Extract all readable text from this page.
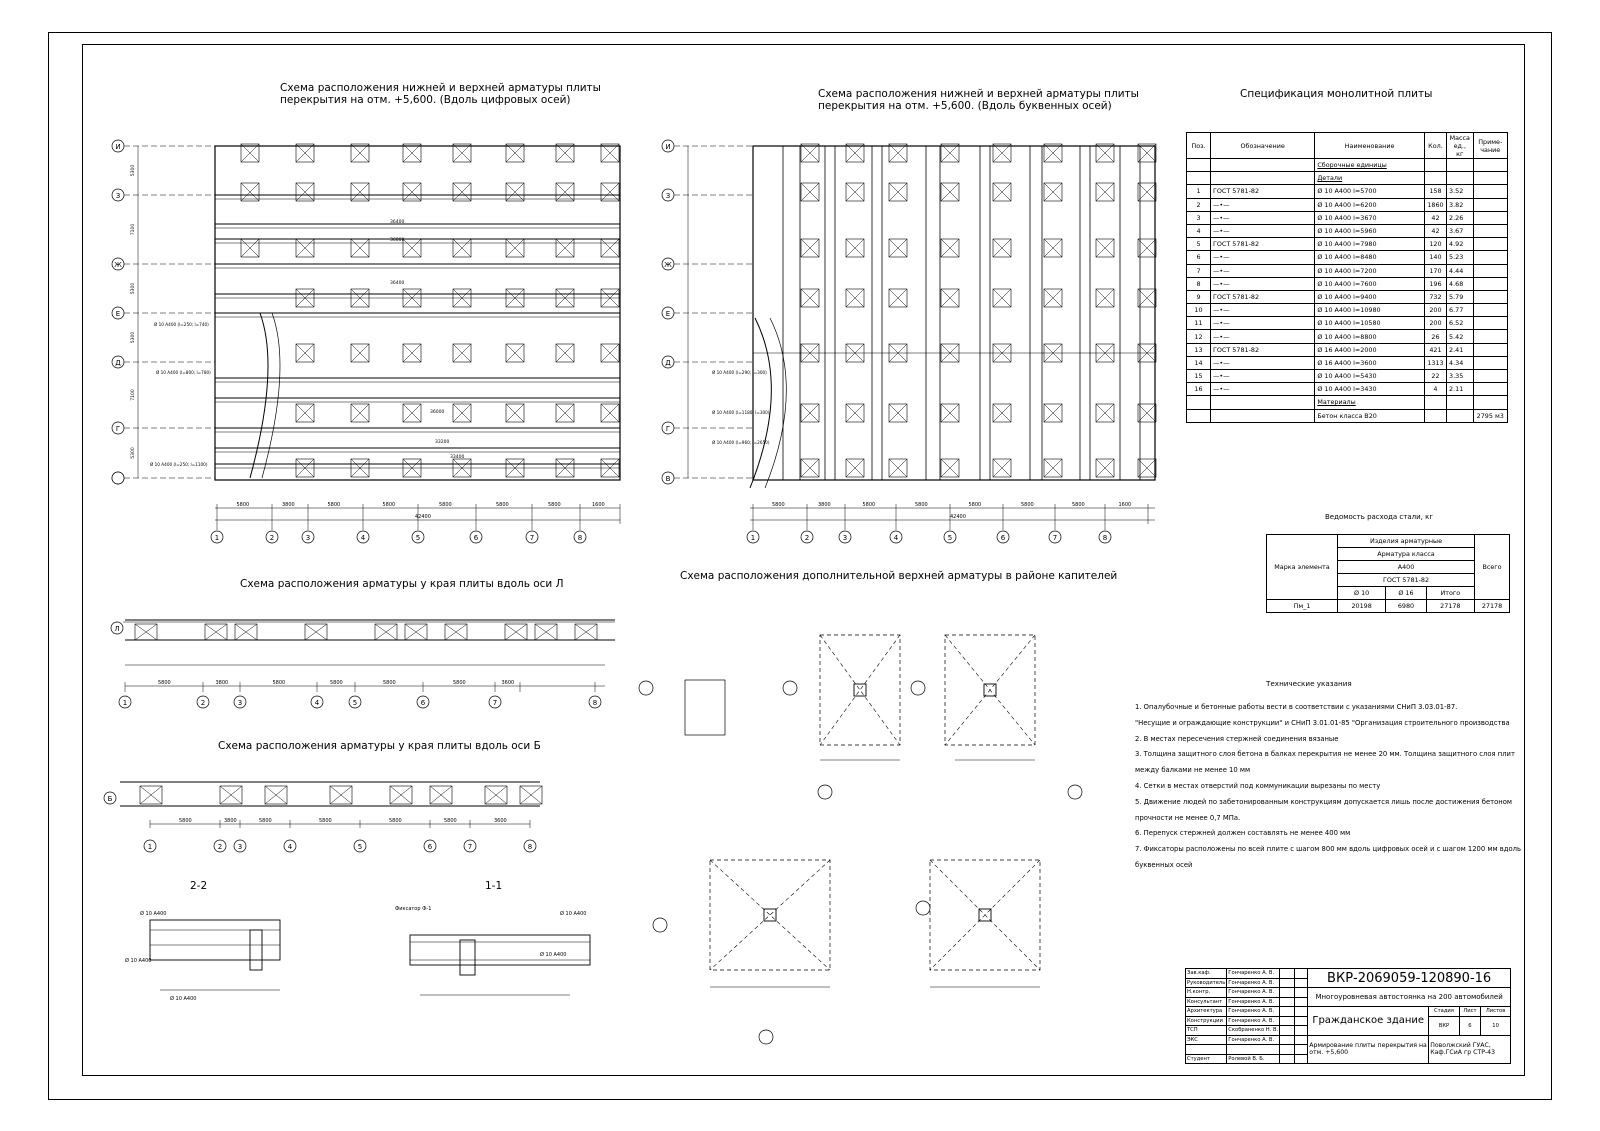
Схема расположения нижней и верхней арматуры плиты
перекрытия на отм. +5,600. (Вдоль цифровых осей)
И
З
Ж
Е
Д
Г
5800	3800	5800	5800	5800	5800	5800	1600
42400
1	2	3	4	5	6	7	8
Ø 10 А400 (l=250; l=740)
Ø 10 А400 (l=800; l=780)
Ø 10 А400 (l=250; l=1100)
36400
36400
36000
36000
33200
33400
5300
7100
5300
5300
7100
5300
Схема расположения нижней и верхней арматуры плиты
перекрытия на отм. +5,600. (Вдоль буквенных осей)
И
З
Ж
Е
Д
Г
В
5800	3800	5800	5800	5800	5800	5800	1600
42400
1	2	3	4	5	6	7	8
Ø 10 А400 (l=290; l=300)
Ø 10 А400 (l=1180; l=300)
Ø 10 А400 (l=960; l=2650)
Схема расположения арматуры у края плиты вдоль оси Л
Л
5800	3800	5800	5800	5800	5800	3600
1	2	3	4	5	6	7	8
Схема расположения арматуры у края плиты вдоль оси Б
Б
5800	3800	5800	5800	5800	5800	3600
1	2 3	4	5	6	7	8
2-2	1-1
Ø 10 А400
Ø 10 А400
Ø 10 А400
Ø 10 А400
Ø 10 А400
Фиксатор Ф-1
Схема расположения дополнительной верхней арматуры в районе капителей
Спецификация монолитной плиты
Поз.	Обозначение	Наименование	Кол.	Масса ед., кг	Приме- чание
		Сборочные единицы			
		Детали			
1	ГОСТ 5781-82	Ø 10 А400 l=5700	158	3.52	
2	—•—	Ø 10 А400 l=6200	1860	3.82	
3	—•—	Ø 10 А400 l=3670	42	2.26	
4	—•—	Ø 10 А400 l=5960	42	3.67	
5	ГОСТ 5781-82	Ø 10 А400 l=7980	120	4.92	
6	—•—	Ø 10 А400 l=8480	140	5.23	
7	—•—	Ø 10 А400 l=7200	170	4.44	
8	—•—	Ø 10 А400 l=7600	196	4.68	
9	ГОСТ 5781-82	Ø 10 А400 l=9400	732	5.79	
10	—•—	Ø 10 А400 l=10980	200	6.77	
11	—•—	Ø 10 А400 l=10580	200	6.52	
12	—•—	Ø 10 А400 l=8800	26	5.42	
13	ГОСТ 5781-82	Ø 16 А400 l=2000	421	2.41	
14	—•—	Ø 16 А400 l=3600	1313	4.34	
15	—•—	Ø 10 А400 l=5430	22	3.35	
16	—•—	Ø 10 А400 l=3430	4	2.11	
		Материалы			
		Бетон класса В20			2795 м3
Ведомость расхода стали, кг
Марка элемента	Изделия арматурные			Всего
	Арматура класса			
	А400			
	ГОСТ 5781-82			
	Ø 10	Ø 16	Итого	
Пм_1	20198	6980	27178	27178
Технические указания
1. Опалубочные и бетонные работы вести в соответствии с указаниями СНиП 3.03.01-87.
"Несущие и ограждающие конструкции" и СНиП 3.01.01-85 "Организация строительного производства
2. В местах пересечения стержней соединения вязаные
3. Толщина защитного слоя бетона в балках перекрытия не менее 20 мм. Толщина защитного слоя плит
между балками не менее 10 мм
4. Сетки в местах отверстий под коммуникации вырезаны по месту
5. Движение людей по забетонированным конструкциям допускается лишь после достижения бетоном
прочности не менее 0,7 МПа.
6. Перепуск стержней должен составлять не менее 400 мм
7. Фиксаторы расположены по всей плите с шагом 800 мм вдоль цифровых осей и с шагом 1200 мм вдоль
буквенных осей
Зав.каф.	Гончаренко А. В.			ВКР-2069059-120890-16			
Руководитель	Гончаренко А. В.						
Н.контр.	Гончаренко А. В.			Многоуровневая автостоянка на 200 автомобилей			
Консультант	Гончаренко А. В.						
Архитектура	Гончаренко А. В.			Гражданское здание	Стадия	Лист	Листов
Конструкции	Гончаренко А. В.				ВКР	6	10
ТСП	Скобраненко Н. В.						
ЭКС	Гончаренко А. В.			Армирование плиты перекрытия на отм. +5,600	Поволжский ГУАС, Каф.ГСиА гр СТР-43		

Студент	Ролевой В. Б.						
